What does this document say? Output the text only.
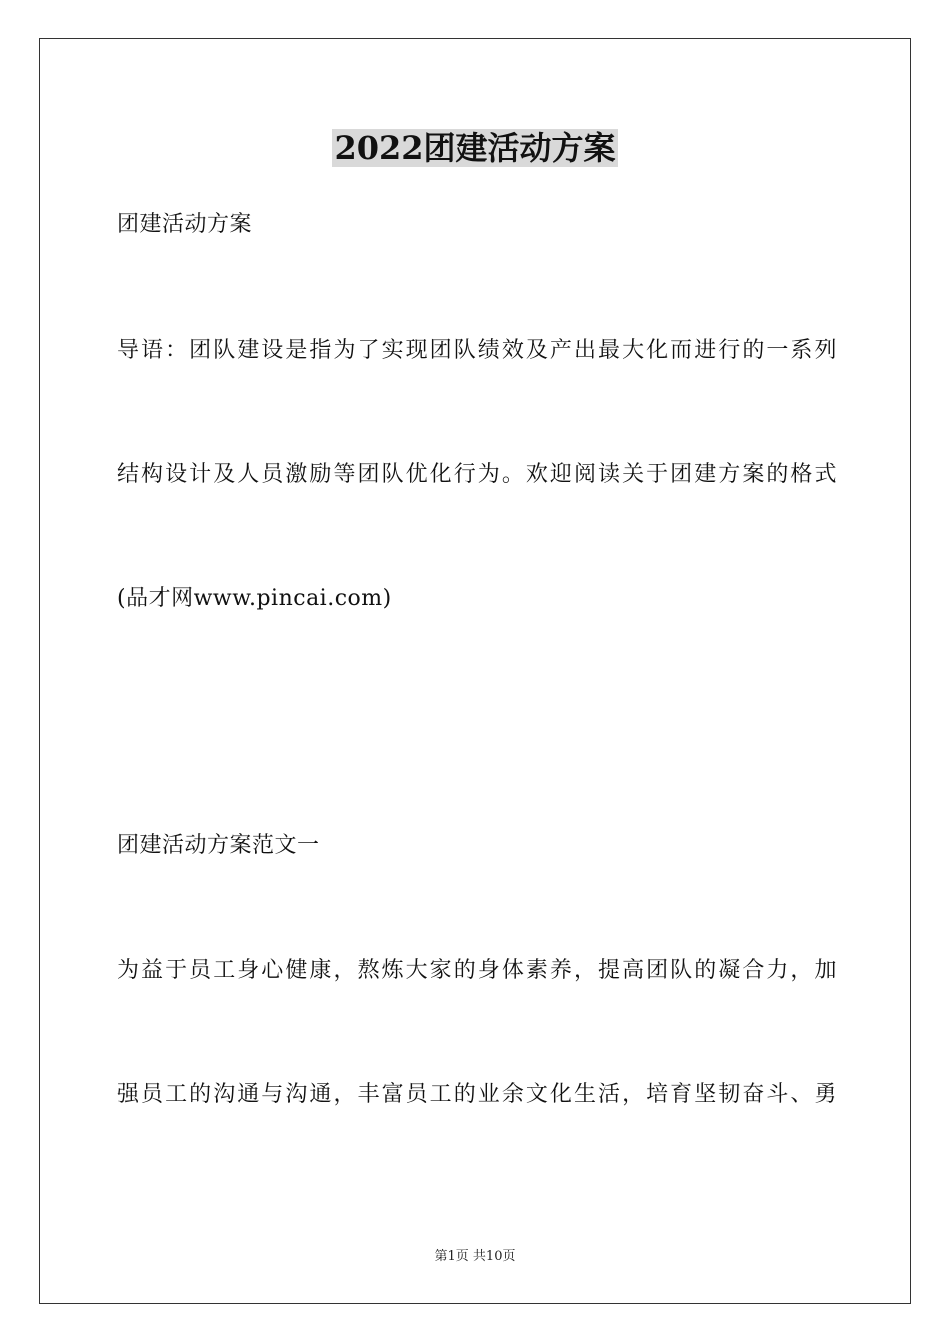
2022团建活动方案
团建活动方案
导语：团队建设是指为了实现团队绩效及产出最大化而进行的一系列
结构设计及人员激励等团队优化行为。欢迎阅读关于团建方案的格式
(品才网www.pincai.com)
团建活动方案范文一
为益于员工身心健康，熬炼大家的身体素养，提高团队的凝合力，加
强员工的沟通与沟通，丰富员工的业余文化生活，培育坚韧奋斗、勇
第1页 共10页
